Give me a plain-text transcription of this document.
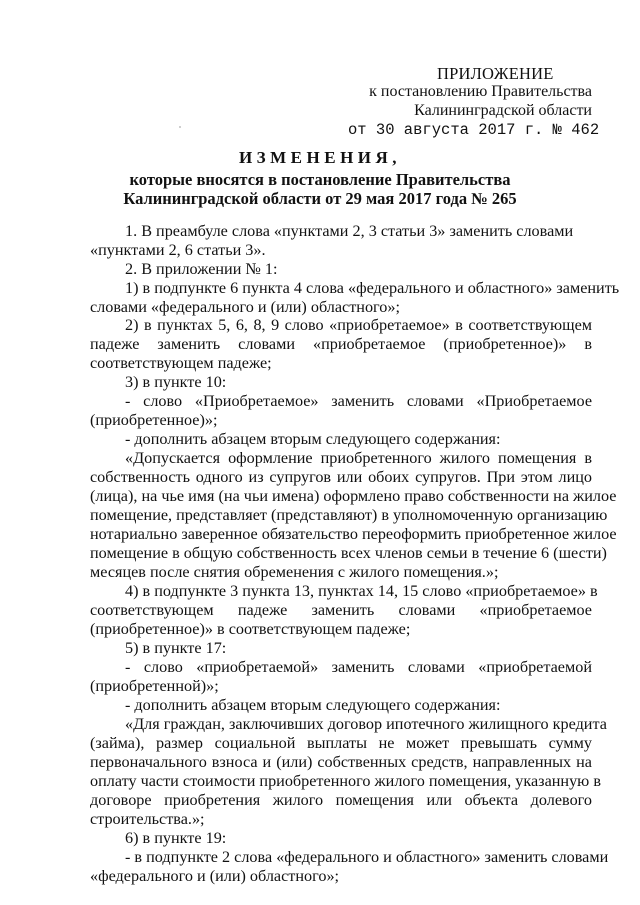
ПРИЛОЖЕНИЕ
к постановлению Правительства
Калининградской области
от 30 августа 2017 г. № 462
ИЗМЕНЕНИЯ,
которые вносятся в постановление Правительства
Калининградской области от 29 мая 2017 года № 265
1. В преамбуле слова «пунктами 2, 3 статьи 3» заменить словами
«пунктами 2, 6 статьи 3».
2. В приложении № 1:
1) в подпункте 6 пункта 4 слова «федерального и областного» заменить
словами «федерального и (или) областного»;
2) в пунктах 5, 6, 8, 9 слово «приобретаемое» в соответствующем
падеже заменить словами «приобретаемое (приобретенное)» в
соответствующем падеже;
3) в пункте 10:
- слово «Приобретаемое» заменить словами «Приобретаемое
(приобретенное)»;
- дополнить абзацем вторым следующего содержания:
«Допускается оформление приобретенного жилого помещения в
собственность одного из супругов или обоих супругов. При этом лицо
(лица), на чье имя (на чьи имена) оформлено право собственности на жилое
помещение, представляет (представляют) в уполномоченную организацию
нотариально заверенное обязательство переоформить приобретенное жилое
помещение в общую собственность всех членов семьи в течение 6 (шести)
месяцев после снятия обременения с жилого помещения.»;
4) в подпункте 3 пункта 13, пунктах 14, 15 слово «приобретаемое» в
соответствующем падеже заменить словами «приобретаемое
(приобретенное)» в соответствующем падеже;
5) в пункте 17:
- слово «приобретаемой» заменить словами «приобретаемой
(приобретенной)»;
- дополнить абзацем вторым следующего содержания:
«Для граждан, заключивших договор ипотечного жилищного кредита
(займа), размер социальной выплаты не может превышать сумму
первоначального взноса и (или) собственных средств, направленных на
оплату части стоимости приобретенного жилого помещения, указанную в
договоре приобретения жилого помещения или объекта долевого
строительства.»;
6) в пункте 19:
- в подпункте 2 слова «федерального и областного» заменить словами
«федерального и (или) областного»;
